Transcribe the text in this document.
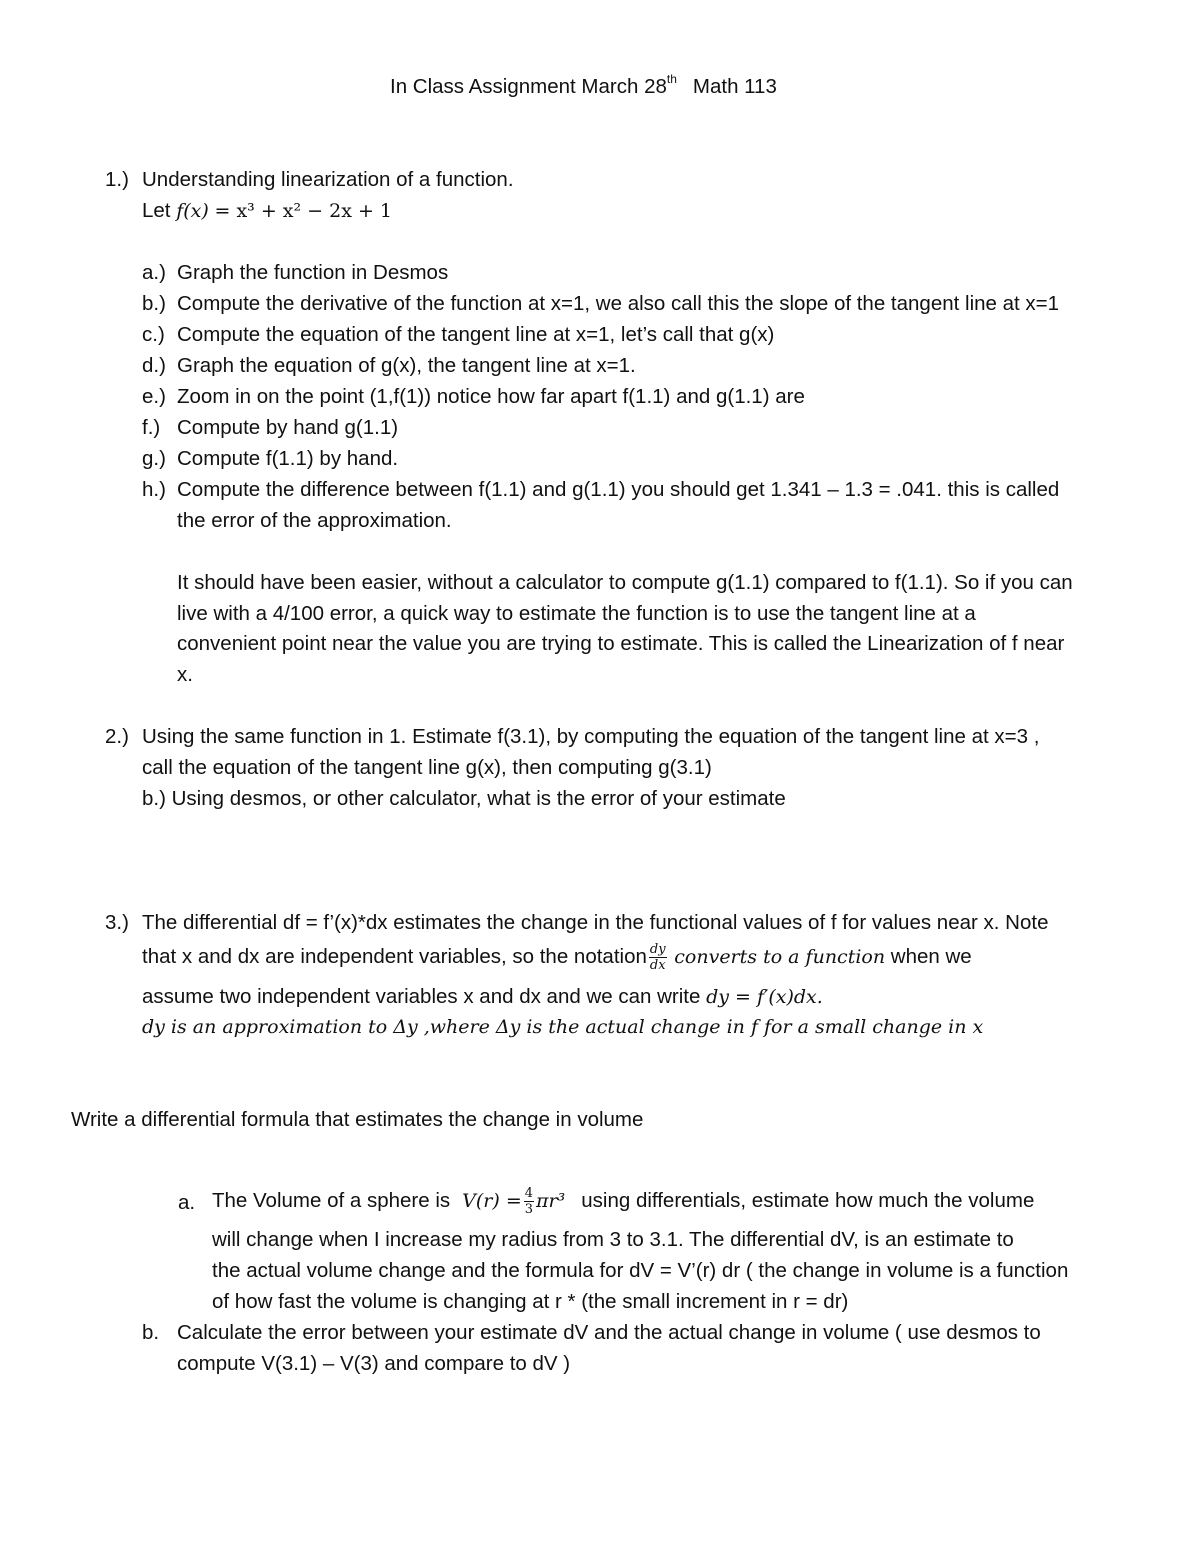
In Class Assignment March 28th Math 113
1.) Understanding linearization of a function.
Let f(x) = x³ + x² − 2x + 1
a.) Graph the function in Desmos
b.) Compute the derivative of the function at x=1, we also call this the slope of the tangent line at x=1
c.) Compute the equation of the tangent line at x=1, let’s call that g(x)
d.) Graph the equation of g(x), the tangent line at x=1.
e.) Zoom in on the point (1,f(1)) notice how far apart f(1.1) and g(1.1) are
f.) Compute by hand g(1.1)
g.) Compute f(1.1) by hand.
h.) Compute the difference between f(1.1) and g(1.1) you should get 1.341 – 1.3 = .041. this is called
the error of the approximation.
It should have been easier, without a calculator to compute g(1.1) compared to f(1.1). So if you can
live with a 4/100 error, a quick way to estimate the function is to use the tangent line at a
convenient point near the value you are trying to estimate. This is called the Linearization of f near
x.
2.) Using the same function in 1. Estimate f(3.1), by computing the equation of the tangent line at x=3 ,
call the equation of the tangent line g(x), then computing g(3.1)
b.) Using desmos, or other calculator, what is the error of your estimate
3.) The differential df = f’(x)*dx estimates the change in the functional values of f for values near x. Note
that x and dx are independent variables, so the notation $\frac{dy}{dx}$ converts to a function when we
assume two independent variables x and dx and we can write dy = f′(x)dx.
dy is an approximation to Δy ,where Δy is the actual change in f for a small change in x
Write a differential formula that estimates the change in volume
a. The Volume of a sphere is $V(r) = \frac{4}{3} \pi r^3$ using differentials, estimate how much the volume
will change when I increase my radius from 3 to 3.1. The differential dV, is an estimate to
the actual volume change and the formula for dV = V’(r) dr ( the change in volume is a function
of how fast the volume is changing at r * (the small increment in r = dr)
b. Calculate the error between your estimate dV and the actual change in volume ( use desmos to
compute V(3.1) – V(3) and compare to dV )
